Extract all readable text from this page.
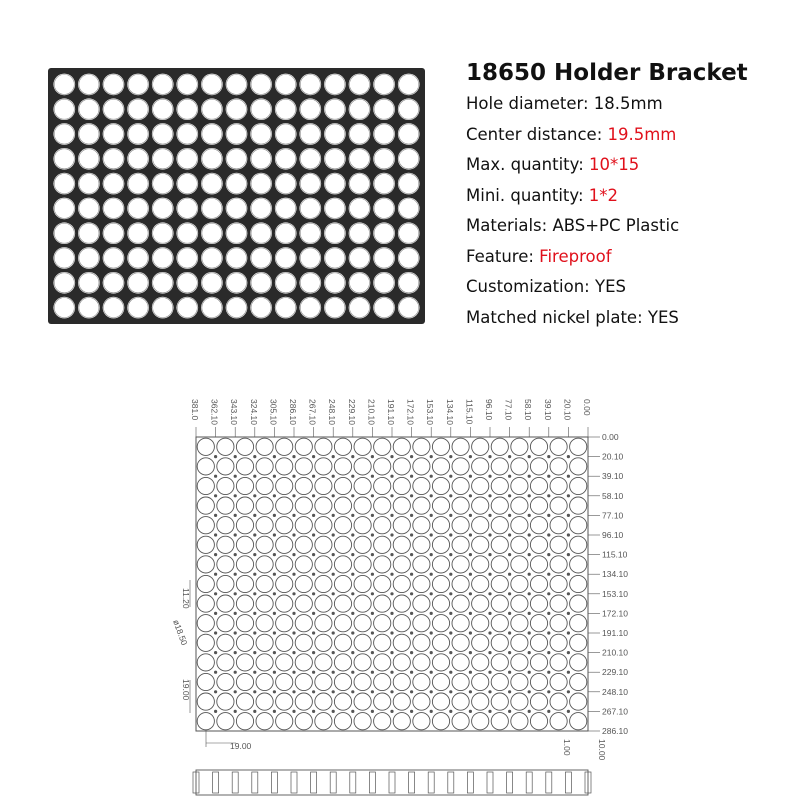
18650 Holder Bracket
Hole diameter: 18.5mm
Center distance: 19.5mm
Max. quantity: 10*15
Mini. quantity: 1*2
Materials: ABS+PC Plastic
Feature: Fireproof
Customization: YES
Matched nickel plate: YES
381.0 362.10 343.10 324.10 305.10 286.10 267.10 248.10 229.10 210.10 191.10 172.10 153.10 134.10 115.10 96.10 77.10 58.10 39.10 20.10 0.00
0.00
20.10
39.10
58.10
77.10
96.10
115.10
134.10
153.10
172.10
191.10
210.10
229.10
248.10
267.10
286.10
11.20
ø18.50
19.00
19.00	1.00	10.00
